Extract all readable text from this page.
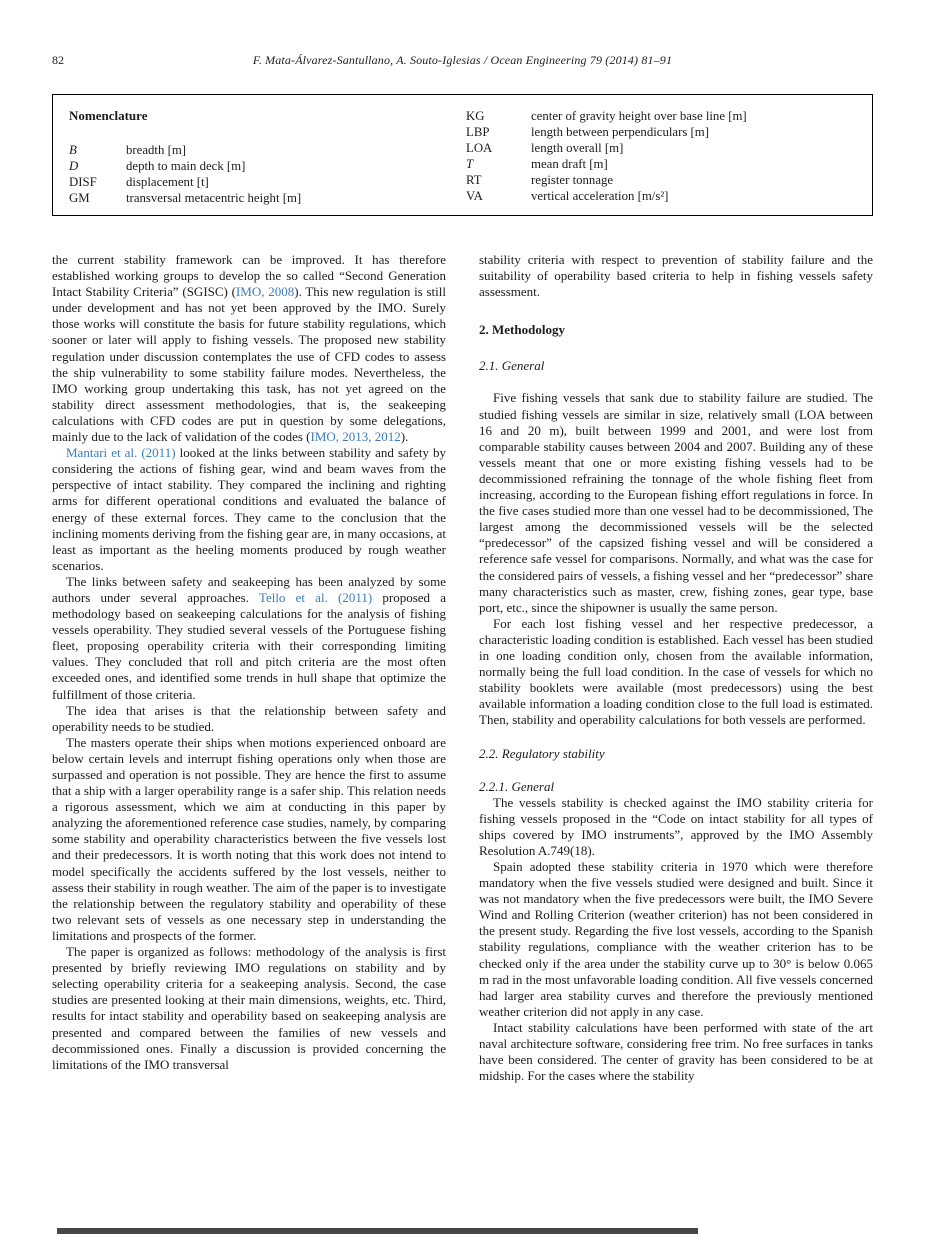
82	F. Mata-Álvarez-Santullano, A. Souto-Iglesias / Ocean Engineering 79 (2014) 81–91
Nomenclature
B	breadth [m]
D	depth to main deck [m]
DISF	displacement [t]
GM	transversal metacentric height [m]
KG	center of gravity height over base line [m]
LBP	length between perpendiculars [m]
LOA	length overall [m]
T	mean draft [m]
RT	register tonnage
VA	vertical acceleration [m/s²]

the current stability framework can be improved. It has therefore established working groups to develop the so called “Second Generation Intact Stability Criteria” (SGISC) (IMO, 2008). This new regulation is still under development and has not yet been approved by the IMO. Surely those works will constitute the basis for future stability regulations, which sooner or later will apply to fishing vessels. The proposed new stability regulation under discussion contemplates the use of CFD codes to assess the ship vulnerability to some stability failure modes. Nevertheless, the IMO working group undertaking this task, has not yet agreed on the stability direct assessment methodologies, that is, the seakeeping calculations with CFD codes are put in question by some delegations, mainly due to the lack of validation of the codes (IMO, 2013, 2012).

Mantari et al. (2011) looked at the links between stability and safety by considering the actions of fishing gear, wind and beam waves from the perspective of intact stability. They compared the inclining and righting arms for different operational conditions and evaluated the balance of energy of these external forces. They came to the conclusion that the inclining moments deriving from the fishing gear are, in many occasions, at least as important as the heeling moments produced by rough weather scenarios.

The links between safety and seakeeping has been analyzed by some authors under several approaches. Tello et al. (2011) proposed a methodology based on seakeeping calculations for the analysis of fishing vessels operability. They studied several vessels of the Portuguese fishing fleet, proposing operability criteria with their corresponding limiting values. They concluded that roll and pitch criteria are the most often exceeded ones, and identified some trends in hull shape that optimize the fulfillment of those criteria.

The idea that arises is that the relationship between safety and operability needs to be studied.

The masters operate their ships when motions experienced onboard are below certain levels and interrupt fishing operations only when those are surpassed and operation is not possible. They are hence the first to assume that a ship with a larger operability range is a safer ship. This relation needs a rigorous assessment, which we aim at conducting in this paper by analyzing the aforementioned reference case studies, namely, by comparing some stability and operability characteristics between the five vessels lost and their predecessors. It is worth noting that this work does not intend to model specifically the accidents suffered by the lost vessels, neither to assess their stability in rough weather. The aim of the paper is to investigate the relationship between the regulatory stability and operability of these two relevant sets of vessels as one necessary step in understanding the limitations and prospects of the former.

The paper is organized as follows: methodology of the analysis is first presented by briefly reviewing IMO regulations on stability and by selecting operability criteria for a seakeeping analysis. Second, the case studies are presented looking at their main dimensions, weights, etc. Third, results for intact stability and operability based on seakeeping analysis are presented and compared between the families of new vessels and decommissioned ones. Finally a discussion is provided concerning the limitations of the IMO transversal

stability criteria with respect to prevention of stability failure and the suitability of operability based criteria to help in fishing vessels safety assessment.

2. Methodology
2.1. General

Five fishing vessels that sank due to stability failure are studied. The studied fishing vessels are similar in size, relatively small (LOA between 16 and 20 m), built between 1999 and 2001, and were lost from comparable stability causes between 2004 and 2007. Building any of these vessels meant that one or more existing fishing vessels had to be decommissioned refraining the tonnage of the whole fishing fleet from increasing, according to the European fishing effort regulations in force. In the five cases studied more than one vessel had to be decommissioned, The largest among the decommissioned vessels will be the selected “predecessor” of the capsized fishing vessel and will be considered a reference safe vessel for comparisons. Normally, and what was the case for the considered pairs of vessels, a fishing vessel and her “predecessor” share many characteristics such as master, crew, fishing zones, gear type, base port, etc., since the shipowner is usually the same person.

For each lost fishing vessel and her respective predecessor, a characteristic loading condition is established. Each vessel has been studied in one loading condition only, chosen from the available information, normally being the full load condition. In the case of vessels for which no stability booklets were available (most predecessors) using the best available information a loading condition close to the full load is estimated. Then, stability and operability calculations for both vessels are performed.

2.2. Regulatory stability
2.2.1. General

The vessels stability is checked against the IMO stability criteria for fishing vessels proposed in the “Code on intact stability for all types of ships covered by IMO instruments”, approved by the IMO Assembly Resolution A.749(18).

Spain adopted these stability criteria in 1970 which were therefore mandatory when the five vessels studied were designed and built. Since it was not mandatory when the five predecessors were built, the IMO Severe Wind and Rolling Criterion (weather criterion) has not been considered in the present study. Regarding the five lost vessels, according to the Spanish stability regulations, compliance with the weather criterion has to be checked only if the area under the stability curve up to 30° is below 0.065 m rad in the most unfavorable loading condition. All five vessels concerned had larger area stability curves and therefore the previously mentioned weather criterion did not apply in any case.

Intact stability calculations have been performed with state of the art naval architecture software, considering free trim. No free surfaces in tanks have been considered. The center of gravity has been considered to be at midship. For the cases where the stability
